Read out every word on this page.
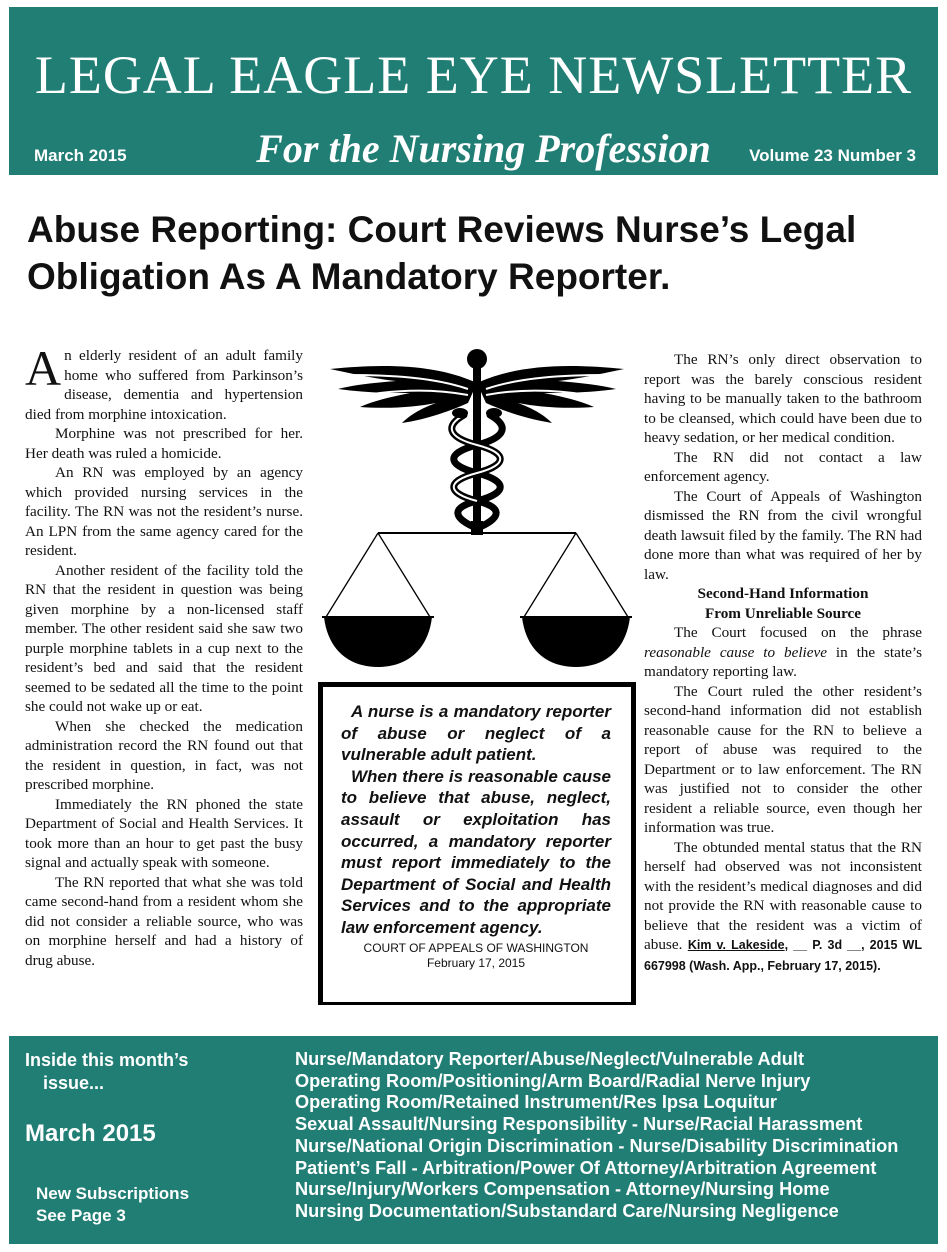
LEGAL EAGLE EYE NEWSLETTER
March 2015	For the Nursing Profession	Volume 23 Number 3
Abuse Reporting: Court Reviews Nurse’s Legal Obligation As A Mandatory Reporter.

An elderly resident of an adult family home who suffered from Parkinson’s disease, dementia and hypertension died from morphine intoxication.

Morphine was not prescribed for her. Her death was ruled a homicide.

An RN was employed by an agency which provided nursing services in the facility. The RN was not the resident’s nurse. An LPN from the same agency cared for the resident.

Another resident of the facility told the RN that the resident in question was being given morphine by a non-licensed staff member. The other resident said she saw two purple morphine tablets in a cup next to the resident’s bed and said that the resident seemed to be sedated all the time to the point she could not wake up or eat.

When she checked the medication administration record the RN found out that the resident in question, in fact, was not prescribed morphine.

Immediately the RN phoned the state Department of Social and Health Services. It took more than an hour to get past the busy signal and actually speak with someone.

The RN reported that what she was told came second-hand from a resident whom she did not consider a reliable source, who was on morphine herself and had a history of drug abuse.

A nurse is a mandatory reporter of abuse or neglect of a vulnerable adult patient.

When there is reasonable cause to believe that abuse, neglect, assault or exploitation has occurred, a mandatory reporter must report immediately to the Department of Social and Health Services and to the appropriate law enforcement agency.

COURT OF APPEALS OF WASHINGTON
February 17, 2015

The RN’s only direct observation to report was the barely conscious resident having to be manually taken to the bathroom to be cleansed, which could have been due to heavy sedation, or her medical condition.

The RN did not contact a law enforcement agency.

The Court of Appeals of Washington dismissed the RN from the civil wrongful death lawsuit filed by the family. The RN had done more than what was required of her by law.

Second-Hand Information

From Unreliable Source

The Court focused on the phrase reasonable cause to believe in the state’s mandatory reporting law.

The Court ruled the other resident’s second-hand information did not establish reasonable cause for the RN to believe a report of abuse was required to the Department or to law enforcement. The RN was justified not to consider the other resident a reliable source, even though her information was true.

The obtunded mental status that the RN herself had observed was not inconsistent with the resident’s medical diagnoses and did not provide the RN with reasonable cause to believe that the resident was a victim of abuse. Kim v. Lakeside, __ P. 3d __, 2015 WL 667998 (Wash. App., February 17, 2015).

Inside this month’s
issue...
March 2015
New Subscriptions
See Page 3
Nurse/Mandatory Reporter/Abuse/Neglect/Vulnerable Adult
Operating Room/Positioning/Arm Board/Radial Nerve Injury
Operating Room/Retained Instrument/Res Ipsa Loquitur
Sexual Assault/Nursing Responsibility - Nurse/Racial Harassment
Nurse/National Origin Discrimination - Nurse/Disability Discrimination
Patient’s Fall - Arbitration/Power Of Attorney/Arbitration Agreement
Nurse/Injury/Workers Compensation - Attorney/Nursing Home
Nursing Documentation/Substandard Care/Nursing Negligence
